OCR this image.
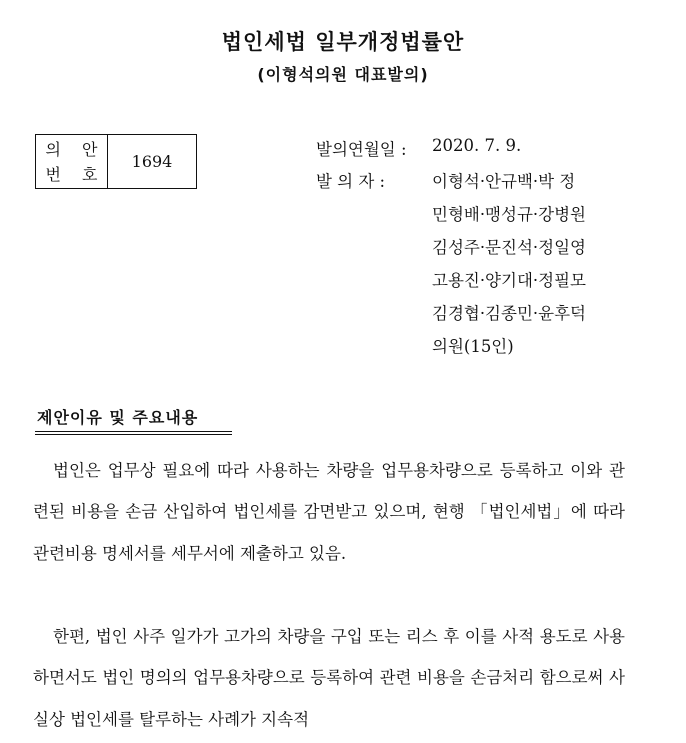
법인세법 일부개정법률안
(이형석의원 대표발의)
의 안
번 호
1694
발의연월일 : 2020. 7. 9.
발 의 자 :	이형석·안규백·박 정
민형배·맹성규·강병원
김성주·문진석·정일영
고용진·양기대·정필모
김경협·김종민·윤후덕
의원(15인)
제안이유 및 주요내용
법인은 업무상 필요에 따라 사용하는 차량을 업무용차량으로 등록하고 이와 관련된 비용을 손금 산입하여 법인세를 감면받고 있으며, 현행 「법인세법」에 따라 관련비용 명세서를 세무서에 제출하고 있음.
한편, 법인 사주 일가가 고가의 차량을 구입 또는 리스 후 이를 사적 용도로 사용하면서도 법인 명의의 업무용차량으로 등록하여 관련 비용을 손금처리 함으로써 사실상 법인세를 탈루하는 사례가 지속적
